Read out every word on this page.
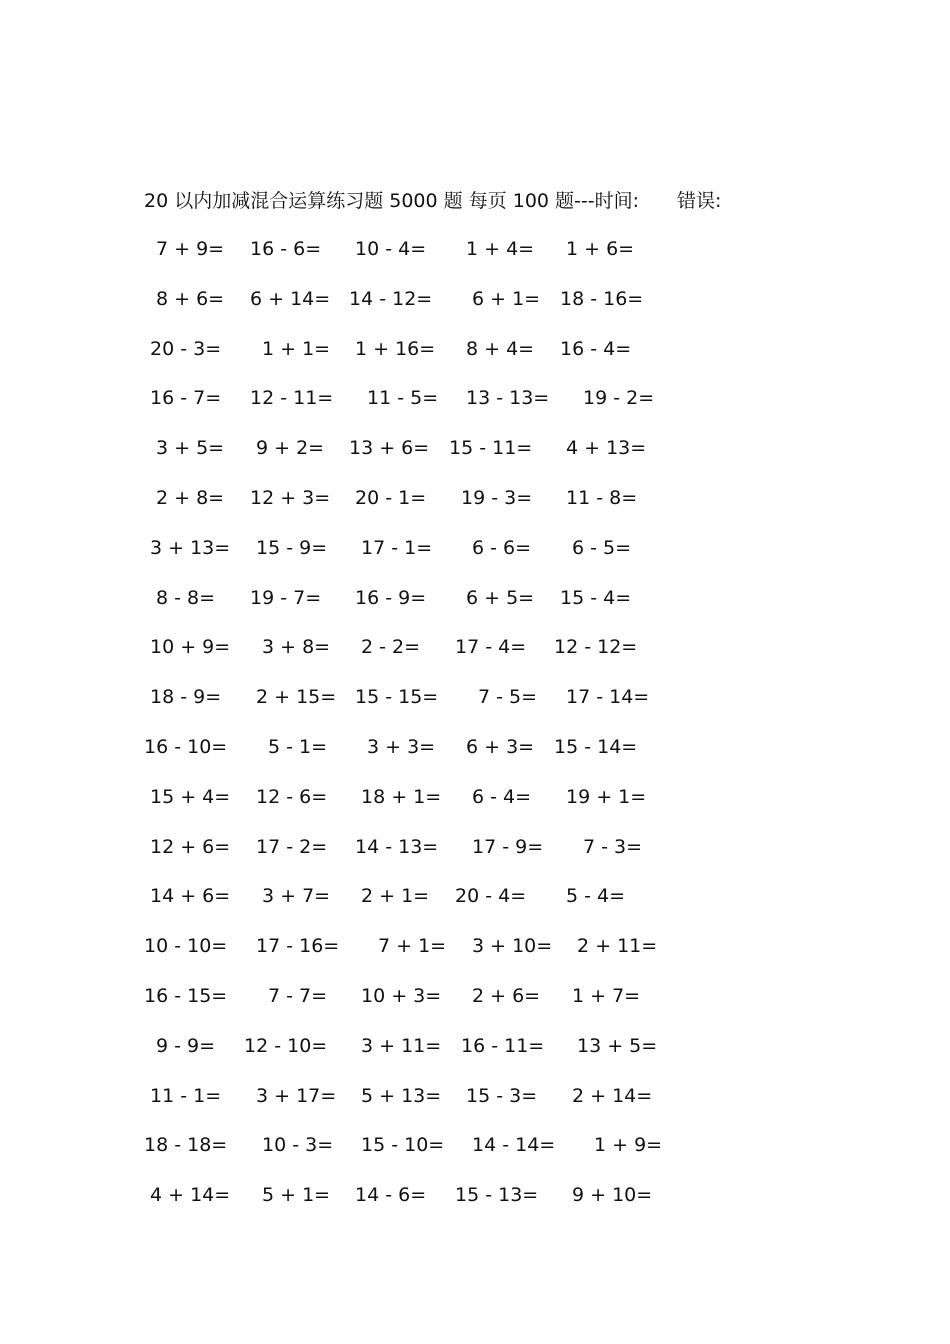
20 以内加减混合运算练习题 5000 题 每页 100 题---时间: 错误:
7 + 9= 16 - 6= 10 - 4= 1 + 4= 1 + 6=
8 + 6= 6 + 14= 14 - 12= 6 + 1= 18 - 16=
20 - 3= 1 + 1= 1 + 16= 8 + 4= 16 - 4=
16 - 7= 12 - 11= 11 - 5= 13 - 13= 19 - 2=
3 + 5= 9 + 2= 13 + 6= 15 - 11= 4 + 13=
2 + 8= 12 + 3= 20 - 1= 19 - 3= 11 - 8=
3 + 13= 15 - 9= 17 - 1= 6 - 6= 6 - 5=
8 - 8= 19 - 7= 16 - 9= 6 + 5= 15 - 4=
10 + 9= 3 + 8= 2 - 2= 17 - 4= 12 - 12=
18 - 9= 2 + 15= 15 - 15= 7 - 5= 17 - 14=
16 - 10= 5 - 1= 3 + 3= 6 + 3= 15 - 14=
15 + 4= 12 - 6= 18 + 1= 6 - 4= 19 + 1=
12 + 6= 17 - 2= 14 - 13= 17 - 9= 7 - 3=
14 + 6= 3 + 7= 2 + 1= 20 - 4= 5 - 4=
10 - 10= 17 - 16= 7 + 1= 3 + 10= 2 + 11=
16 - 15= 7 - 7= 10 + 3= 2 + 6= 1 + 7=
9 - 9= 12 - 10= 3 + 11= 16 - 11= 13 + 5=
11 - 1= 3 + 17= 5 + 13= 15 - 3= 2 + 14=
18 - 18= 10 - 3= 15 - 10= 14 - 14= 1 + 9=
4 + 14= 5 + 1= 14 - 6= 15 - 13= 9 + 10=
